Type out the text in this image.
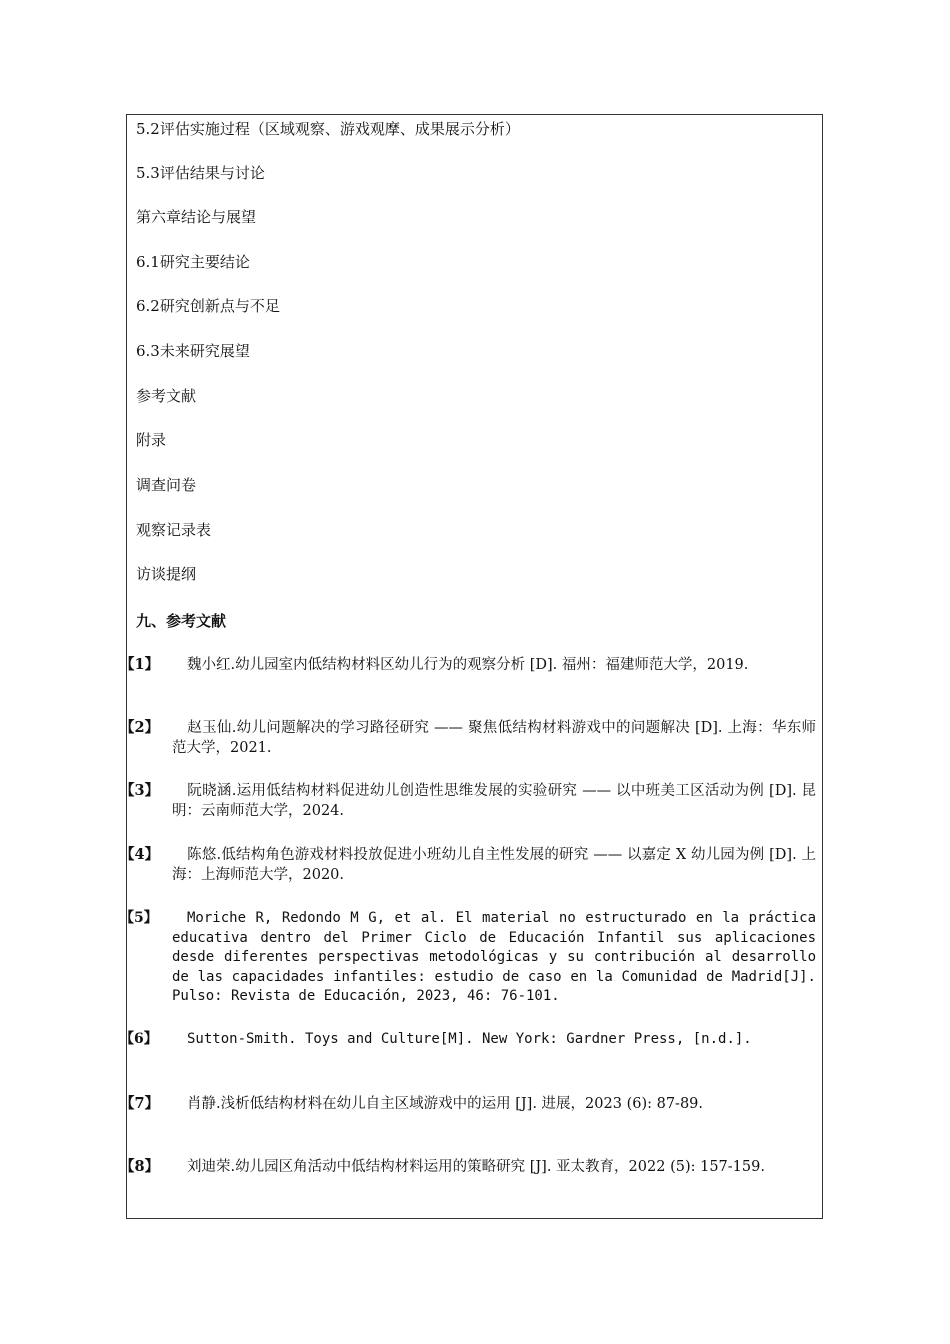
5.2评估实施过程（区域观察、游戏观摩、成果展示分析）

5.3评估结果与讨论

第六章结论与展望

6.1研究主要结论

6.2研究创新点与不足

6.3未来研究展望

参考文献

附录

调查问卷

观察记录表

访谈提纲

九、参考文献

【1】 魏小红.幼儿园室内低结构材料区幼儿行为的观察分析 [D]. 福州：福建师范大学，2019.

【2】 赵玉仙.幼儿问题解决的学习路径研究 —— 聚焦低结构材料游戏中的问题解决 [D]. 上海：华东师范大学，2021.

【3】 阮晓涵.运用低结构材料促进幼儿创造性思维发展的实验研究 —— 以中班美工区活动为例 [D]. 昆明：云南师范大学，2024.

【4】 陈悠.低结构角色游戏材料投放促进小班幼儿自主性发展的研究 —— 以嘉定 X 幼儿园为例 [D]. 上海：上海师范大学，2020.

【5】 Moriche R, Redondo M G, et al. El material no estructurado en la práctica educativa dentro del Primer Ciclo de Educación Infantil sus aplicaciones desde diferentes perspectivas metodológicas y su contribución al desarrollo de las capacidades infantiles: estudio de caso en la Comunidad de Madrid[J]. Pulso: Revista de Educación, 2023, 46: 76-101.

【6】 Sutton-Smith. Toys and Culture[M]. New York: Gardner Press, [n.d.].

【7】 肖静.浅析低结构材料在幼儿自主区域游戏中的运用 [J]. 进展，2023 (6): 87-89.

【8】 刘迪荣.幼儿园区角活动中低结构材料运用的策略研究 [J]. 亚太教育，2022 (5): 157-159.
